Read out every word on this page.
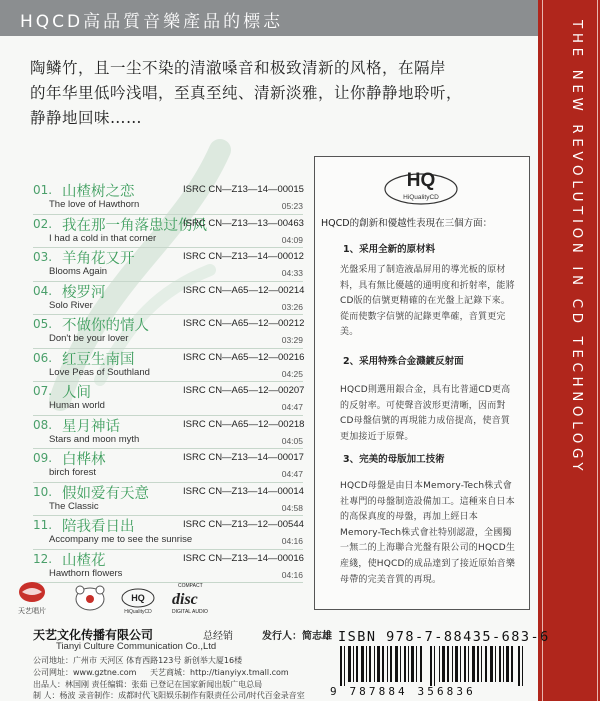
HQCD高品質音樂產品的標志	THE NEW REVOLUTION IN CD TECHNOLOGY
陶鳞竹，且一尘不染的清澈嗓音和极致清新的风格，在隔岸
的年华里低吟浅唱，至真至纯、清新淡雅，让你静静地聆听，
静静地回味……
01. 山楂树之恋	ISRC CN—Z13—14—00015
The love of Hawthorn	05:23
02. 我在那一角落患过伤风
ISRC CN—Z13—13—00463
I had a cold in that corner	04:09
03. 羊角花又开	ISRC CN—Z13—14—00012
Blooms Again	04:33
04. 梭罗河	ISRC CN—A65—12—00214
Solo River	03:26
05. 不做你的情人	ISRC CN—A65—12—00212
Don't be your lover	03:29
06. 红豆生南国	ISRC CN—A65—12—00216
Love Peas of Southland	04:25
07. 人间	ISRC CN—A65—12—00207
Human world	04:47
08. 星月神话	ISRC CN—A65—12—00218
Stars and moon myth	04:05
09. 白桦林	ISRC CN—Z13—14—00017
birch forest	04:47
10. 假如爱有天意	ISRC CN—Z13—14—00014
The Classic	04:58
11. 陪我看日出	ISRC CN—Z13—12—00544
Accompany me to see the sunrise	04:16
12. 山楂花	ISRC CN—Z13—14—00016
Hawthorn flowers	04:16
HQ
HiQualityCD
HQCD的創新和優越性表現在三個方面：
1、采用全新的原材料
光盤采用了制造液晶屏用的導光板的原材料，具有無比優越的通明度和折射率，能將CD版的信號更精確的在光盤上記錄下來。從而使數字信號的記錄更準確，音質更完美。
2、采用特殊合金濺鍍反射面
HQCD則選用銀合金，具有比普通CD更高的反射率。可使聲音波形更清晰，因而對CD母盤信號的再現能力成倍提高，使音質更加接近于原聲。
3、完美的母版加工技術
HQCD母盤是由日本Memory-Tech株式會社專門的母盤制造設備加工。這種來自日本的高保真度的母盤，再加上經日本Memory-Tech株式會社特别認證，全國獨一無二的上海聯合光盤有限公司的HQCD生産綫，使HQCD的成品達到了接近原始音樂母帶的完美音質的再現。
天艺唱片
HQ
HiQualityCD
COMPACT
disc
DIGITAL AUDIO
天艺文化传播有限公司	总经销	发行人：简志雄
Tianyi Culture Communication Co.,Ltd
公司地址：广州市 天河区 体育西路123号 新创举大厦16楼
公司网址：www.gztne.com 天艺商城：http://tianyiyx.tmall.com
出品人：林国刚 责任编辑：张茹 已登记在国家新闻出版广电总局
制 人：杨波 录音制作：成都时代飞阳娱乐制作有限责任公司/时代百金录音室
ISBN 978-7-88435-683-6
9 787884 356836
